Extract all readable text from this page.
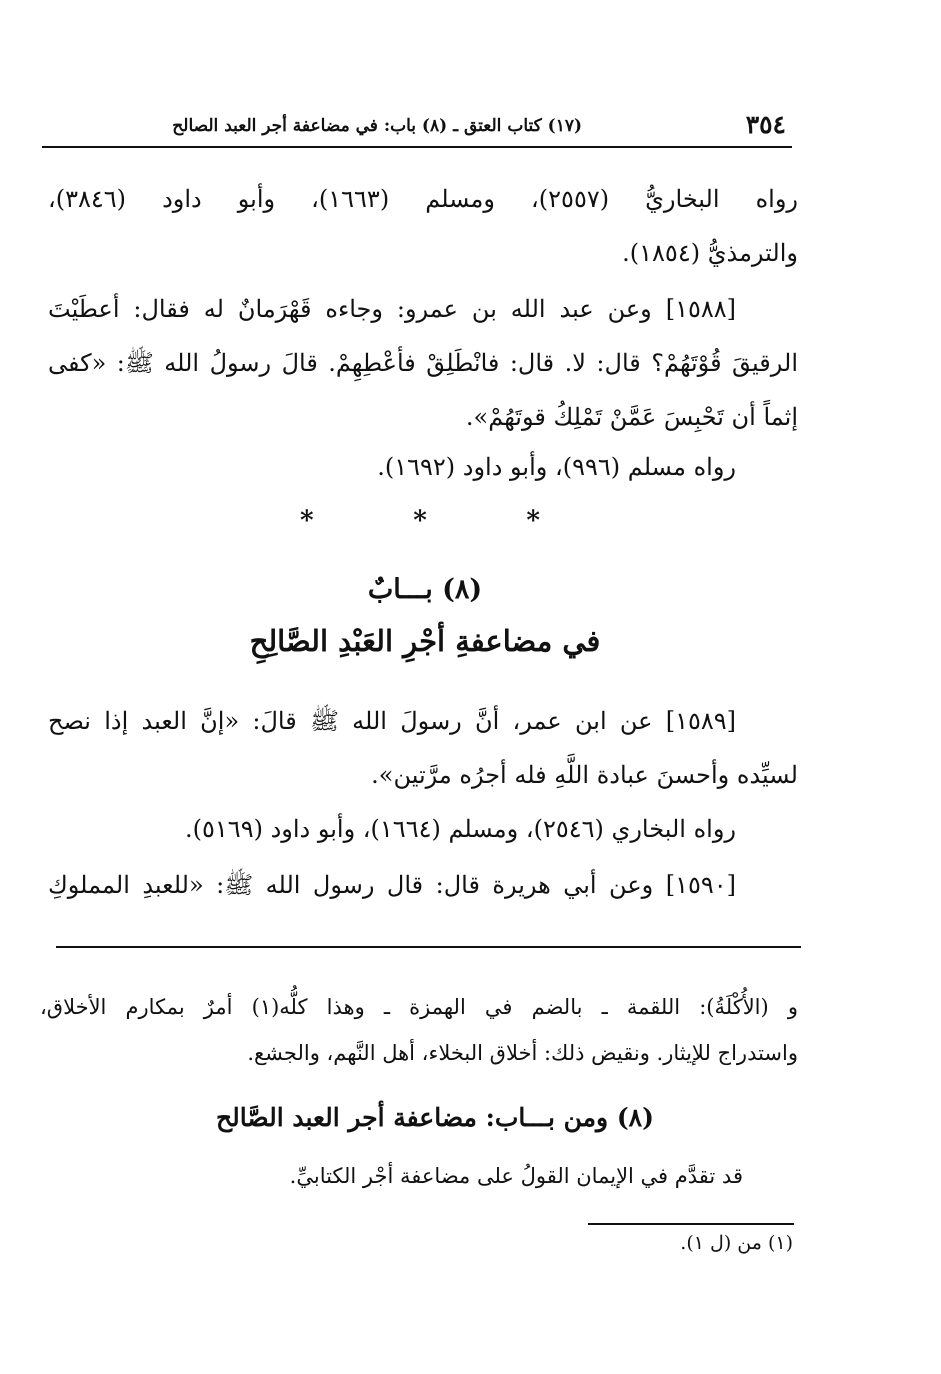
٣٥٤
(١٧) كتاب العتق ـ (٨) باب: في مضاعفة أجر العبد الصالح

رواه البخاريُّ (٢٥٥٧)، ومسلم (١٦٦٣)، وأبو داود (٣٨٤٦)،

والترمذيُّ (١٨٥٤).

[١٥٨٨] وعن عبد الله بن عمرو: وجاءه قَهْرَمانٌ له فقال: أعطَيْتَ

الرقيقَ قُوْتَهُمْ؟ قال: لا. قال: فانْطَلِقْ فأعْطِهِمْ. قالَ رسولُ الله ﷺ: «كفى

إثماً أن تَحْبِسَ عَمَّنْ تَمْلِكُ قوتَهُمْ».

رواه مسلم (٩٩٦)، وأبو داود (١٦٩٢).

*	*	*
(٨) بـــابٌ
في مضاعفةِ أجْرِ العَبْدِ الصَّالِحِ

[١٥٨٩] عن ابن عمر، أنَّ رسولَ الله ﷺ قالَ: «إنَّ العبد إذا نصح

لسيِّده وأحسنَ عبادة اللَّهِ فله أجرُه مرَّتين».

رواه البخاري (٢٥٤٦)، ومسلم (١٦٦٤)، وأبو داود (٥١٦٩).

[١٥٩٠] وعن أبي هريرة قال: قال رسول الله ﷺ: «للعبدِ المملوكِ

و (الأُكْلَةُ): اللقمة ـ بالضم في الهمزة ـ وهذا كلُّه(١) أمرٌ بمكارم الأخلاق،
واستدراج للإيثار. ونقيض ذلك: أخلاق البخلاء، أهل النَّهم، والجشع.
(٨) ومن بـــاب: مضاعفة أجر العبد الصَّالح
قد تقدَّم في الإيمان القولُ على مضاعفة أجْر الكتابيِّ.
(١) من (ل ١).
